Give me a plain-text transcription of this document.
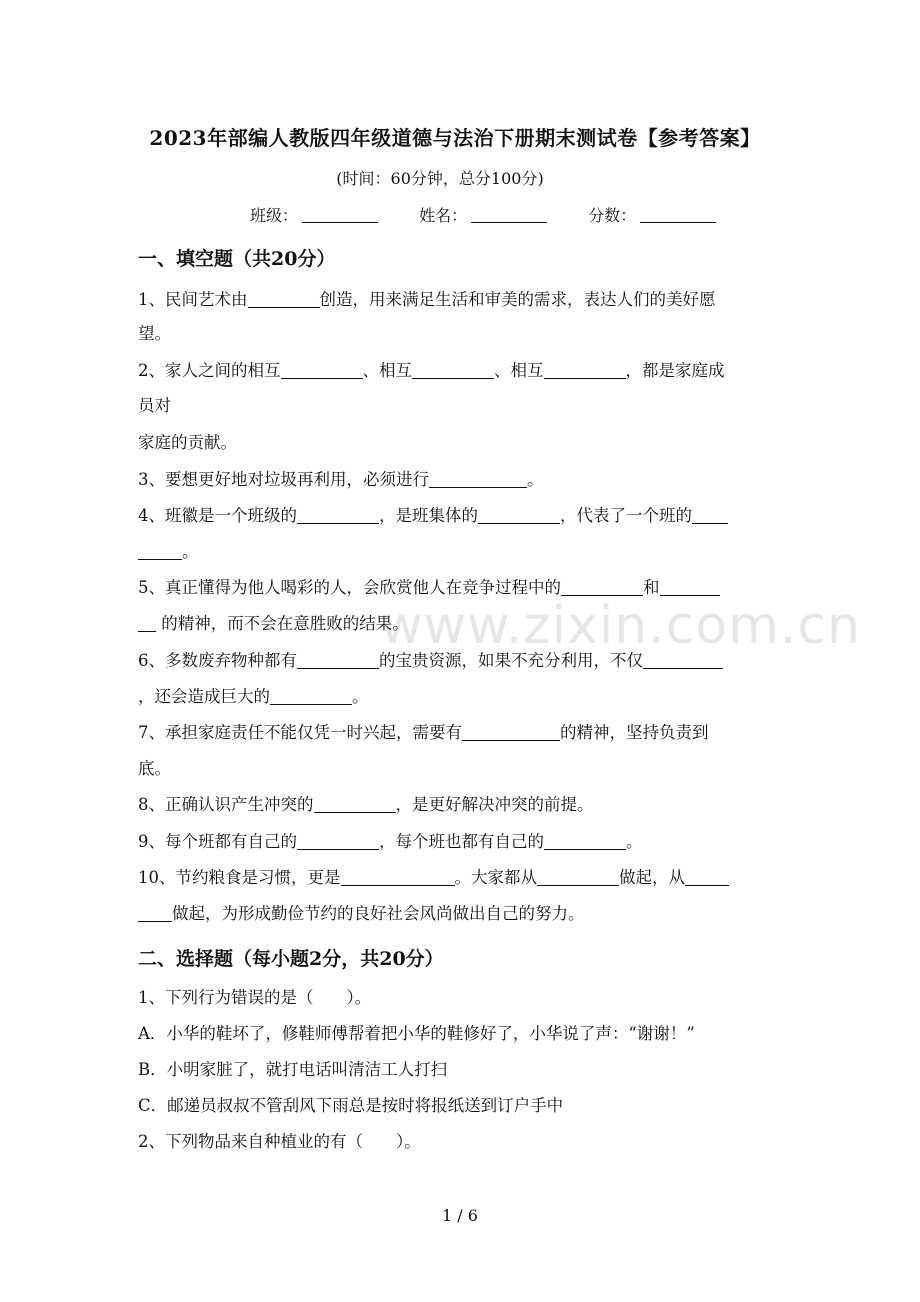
www.zixin.com.cn
2023年部编人教版四年级道德与法治下册期末测试卷【参考答案】
(时间：60分钟，总分100分)
班级：	姓名：	分数：
一、填空题（共20分）
1、民间艺术由	创造，用来满足生活和审美的需求，表达人们的美好愿
望。
2、家人之间的相互	、相互	、相互	，都是家庭成
员对
家庭的贡献。
3、要想更好地对垃圾再利用，必须进行	。
4、班徽是一个班级的	，是班集体的	，代表了一个班的
。
5、真正懂得为他人喝彩的人，会欣赏他人在竞争过程中的	和
的精神，而不会在意胜败的结果。
6、多数废弃物种都有	的宝贵资源，如果不充分利用，不仅
，还会造成巨大的	。
7、承担家庭责任不能仅凭一时兴起，需要有	的精神，坚持负责到
底。
8、正确认识产生冲突的	，是更好解决冲突的前提。
9、每个班都有自己的	，每个班也都有自己的	。
10、节约粮食是习惯，更是	。大家都从	做起，从
做起，为形成勤俭节约的良好社会风尚做出自己的努力。
二、选择题（每小题2分，共20分）
1、下列行为错误的是（　　）。
A．小华的鞋坏了，修鞋师傅帮着把小华的鞋修好了，小华说了声：“谢谢！”
B．小明家脏了，就打电话叫清洁工人打扫
C．邮递员叔叔不管刮风下雨总是按时将报纸送到订户手中
2、下列物品来自种植业的有（　　）。
1 / 6
